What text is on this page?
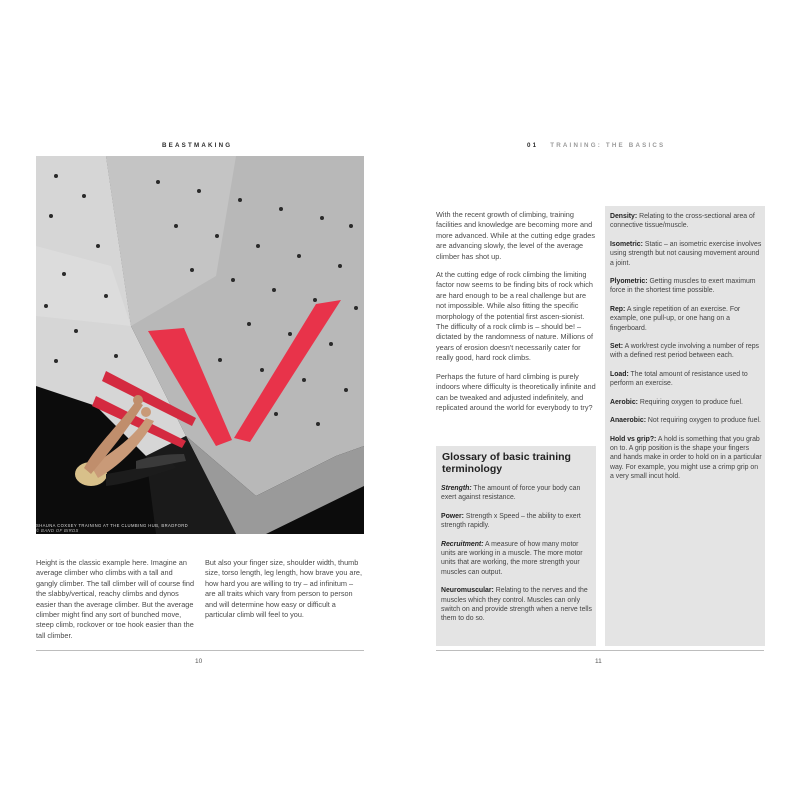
BEASTMAKING
SHAUNA COXSEY TRAINING AT THE CLUMBING HUB, BRADFORD
© BAND OF BIRDS

Height is the classic example here. Imagine an average climber who climbs with a tall and gangly climber. The tall climber will of course find the slabby/vertical, reachy climbs and dynos easier than the average climber. But the average climber might find any sort of bunched move, steep climb, rockover or toe hook easier than the tall climber.

But also your finger size, shoulder width, thumb size, torso length, leg length, how brave you are, how hard you are willing to try – ad infinitum – are all traits which vary from person to person and will determine how easy or difficult a particular climb will feel to you.

10
01 TRAINING: THE BASICS

With the recent growth of climbing, training facilities and knowledge are becoming more and more advanced. While at the cutting edge grades are advancing slowly, the level of the average climber has shot up.

At the cutting edge of rock climbing the limiting factor now seems to be finding bits of rock which are hard enough to be a real challenge but are not impossible. While also fitting the specific morphology of the potential first ascen-sionist. The difficulty of a rock climb is – should be! – dictated by the randomness of nature. Millions of years of erosion doesn't necessarily cater for really good, hard rock climbs.

Perhaps the future of hard climbing is purely indoors where difficulty is theoretically infinite and can be tweaked and adjusted indefinitely, and replicated around the world for everybody to try?

Glossary of basic training terminology
Strength: The amount of force your body can exert against resistance.
Power: Strength x Speed – the ability to exert strength rapidly.
Recruitment: A measure of how many motor units are working in a muscle. The more motor units that are working, the more strength your muscles can output.
Neuromuscular: Relating to the nerves and the muscles which they control. Muscles can only switch on and provide strength when a nerve tells them to do so.
Density: Relating to the cross-sectional area of connective tissue/muscle.
Isometric: Static – an isometric exercise involves using strength but not causing movement around a joint.
Plyometric: Getting muscles to exert maximum force in the shortest time possible.
Rep: A single repetition of an exercise. For example, one pull-up, or one hang on a fingerboard.
Set: A work/rest cycle involving a number of reps with a defined rest period between each.
Load: The total amount of resistance used to perform an exercise.
Aerobic: Requiring oxygen to produce fuel.
Anaerobic: Not requiring oxygen to produce fuel.
Hold vs grip?: A hold is something that you grab on to. A grip position is the shape your fingers and hands make in order to hold on in a particular way. For example, you might use a crimp grip on a very small incut hold.
11
